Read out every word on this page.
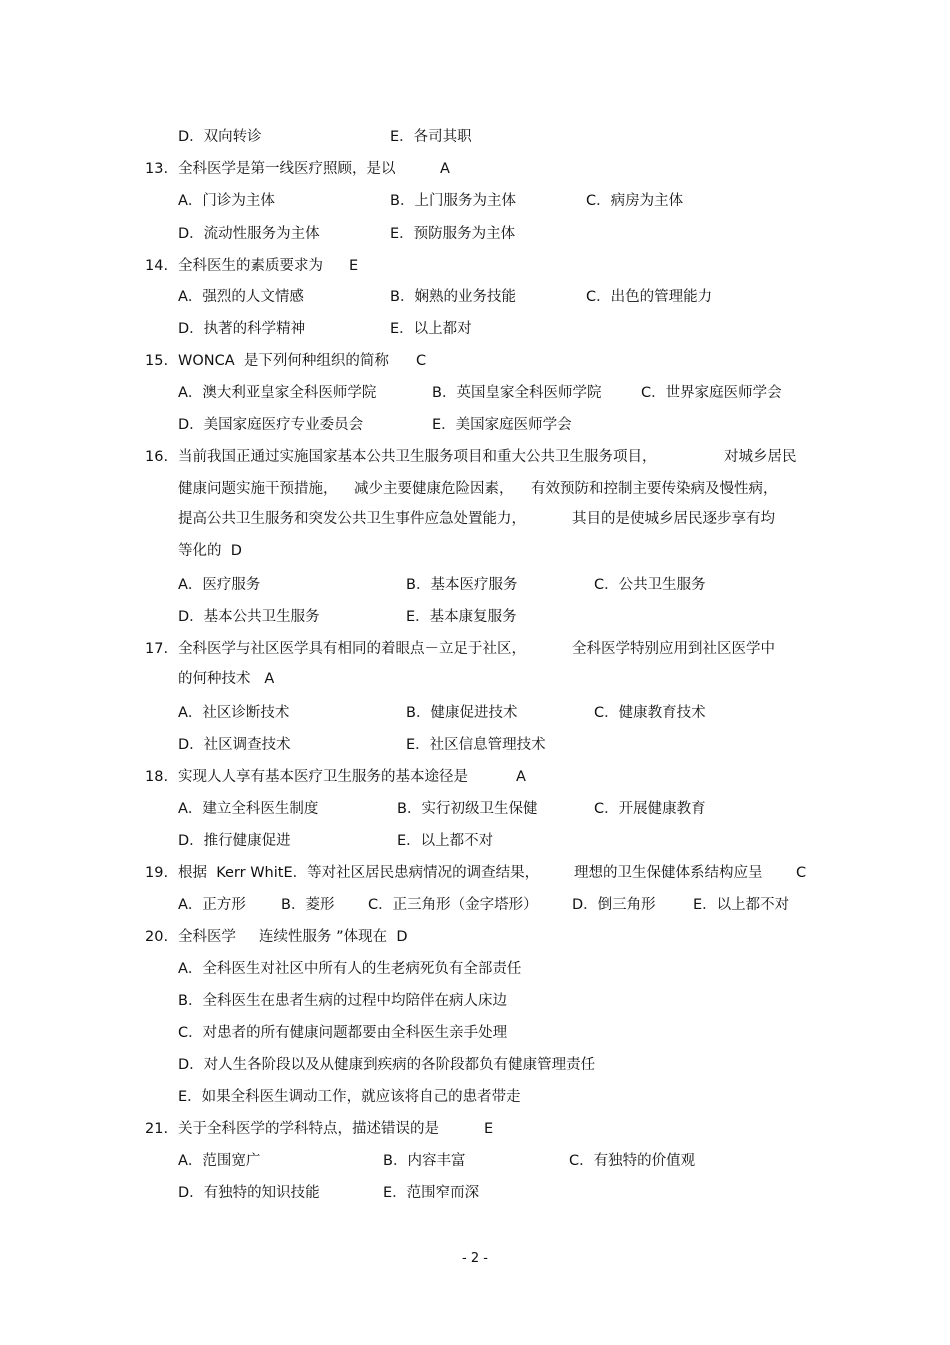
D．双向转诊	E．各司其职
13. 全科医学是第一线医疗照顾，是以	A
A．门诊为主体	B．上门服务为主体	C．病房为主体
D．流动性服务为主体	E．预防服务为主体
14. 全科医生的素质要求为 E
A．强烈的人文情感	B．娴熟的业务技能	C．出色的管理能力
D．执著的科学精神	E．以上都对
15. WONCA  是下列何种组织的简称 C
A．澳大利亚皇家全科医师学院	B．英国皇家全科医师学院	C．世界家庭医师学会
D．美国家庭医疗专业委员会	E．美国家庭医师学会
16. 当前我国正通过实施国家基本公共卫生服务项目和重大公共卫生服务项目，	对城乡居民
健康问题实施干预措施， 减少主要健康危险因素， 有效预防和控制主要传染病及慢性病，
提高公共卫生服务和突发公共卫生事件应急处置能力，	其目的是使城乡居民逐步享有均
等化的  D
A．医疗服务	B．基本医疗服务	C．公共卫生服务
D．基本公共卫生服务	E．基本康复服务
17. 全科医学与社区医学具有相同的着眼点－立足于社区，	全科医学特别应用到社区医学中
的何种技术   A
A．社区诊断技术	B．健康促进技术	C．健康教育技术
D．社区调查技术	E．社区信息管理技术
18. 实现人人享有基本医疗卫生服务的基本途径是	A
A．建立全科医生制度	B．实行初级卫生保健	C．开展健康教育
D．推行健康促进	E．以上都不对
19. 根据  Kerr WhitE．等对社区居民患病情况的调查结果， 理想的卫生保健体系结构应呈 C
A．正方形 B．菱形 C．正三角形（金字塔形） D．倒三角形	E．以上都不对
20. 全科医学 连续性服务 ”体现在  D
A．全科医生对社区中所有人的生老病死负有全部责任
B．全科医生在患者生病的过程中均陪伴在病人床边
C．对患者的所有健康问题都要由全科医生亲手处理
D．对人生各阶段以及从健康到疾病的各阶段都负有健康管理责任
E．如果全科医生调动工作，就应该将自己的患者带走
21. 关于全科医学的学科特点，描述错误的是	E
A．范围宽广	B．内容丰富	C．有独特的价值观
D．有独特的知识技能	E．范围窄而深
- 2 -
